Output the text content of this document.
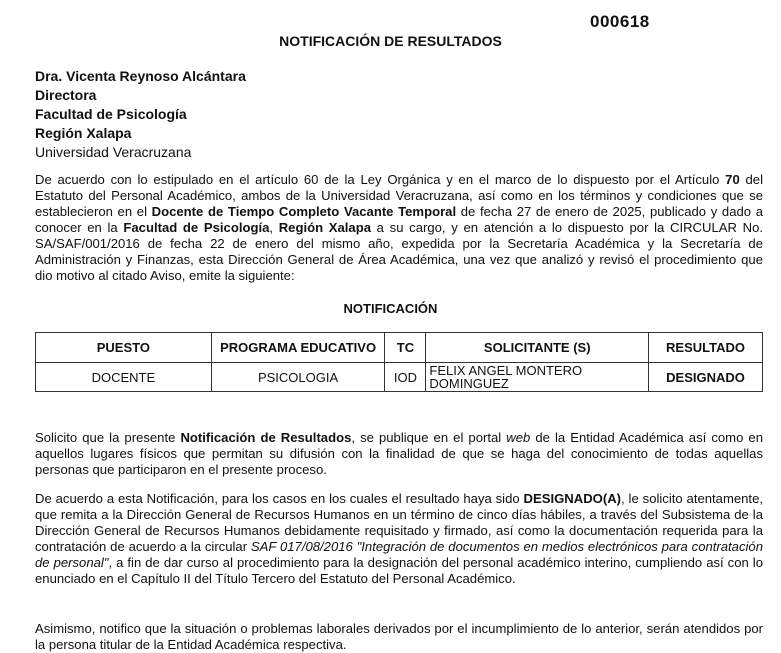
000618
NOTIFICACIÓN DE RESULTADOS
Dra. Vicenta Reynoso Alcántara
Directora
Facultad de Psicología
Región Xalapa
Universidad Veracruzana
De acuerdo con lo estipulado en el artículo 60 de la Ley Orgánica y en el marco de lo dispuesto por el Artículo 70 del Estatuto del Personal Académico, ambos de la Universidad Veracruzana, así como en los términos y condiciones que se establecieron en el Docente de Tiempo Completo Vacante Temporal de fecha 27 de enero de 2025, publicado y dado a conocer en la Facultad de Psicología, Región Xalapa a su cargo, y en atención a lo dispuesto por la CIRCULAR No. SA/SAF/001/2016 de fecha 22 de enero del mismo año, expedida por la Secretaría Académica y la Secretaría de Administración y Finanzas, esta Dirección General de Área Académica, una vez que analizó y revisó el procedimiento que dio motivo al citado Aviso, emite la siguiente:
NOTIFICACIÓN
PUESTO	PROGRAMA EDUCATIVO	TC	SOLICITANTE (S)	RESULTADO
DOCENTE	PSICOLOGIA	IOD	FELIX ANGEL MONTERO DOMINGUEZ	DESIGNADO
Solicito que la presente Notificación de Resultados, se publique en el portal web de la Entidad Académica así como en aquellos lugares físicos que permitan su difusión con la finalidad de que se haga del conocimiento de todas aquellas personas que participaron en el presente proceso.
De acuerdo a esta Notificación, para los casos en los cuales el resultado haya sido DESIGNADO(A), le solicito atentamente, que remita a la Dirección General de Recursos Humanos en un término de cinco días hábiles, a través del Subsistema de la Dirección General de Recursos Humanos debidamente requisitado y firmado, así como la documentación requerida para la contratación de acuerdo a la circular SAF 017/08/2016 "Integración de documentos en medios electrónicos para contratación de personal", a fin de dar curso al procedimiento para la designación del personal académico interino, cumpliendo así con lo enunciado en el Capítulo II del Título Tercero del Estatuto del Personal Académico.
Asimismo, notifico que la situación o problemas laborales derivados por el incumplimiento de lo anterior, serán atendidos por la persona titular de la Entidad Académica respectiva.
